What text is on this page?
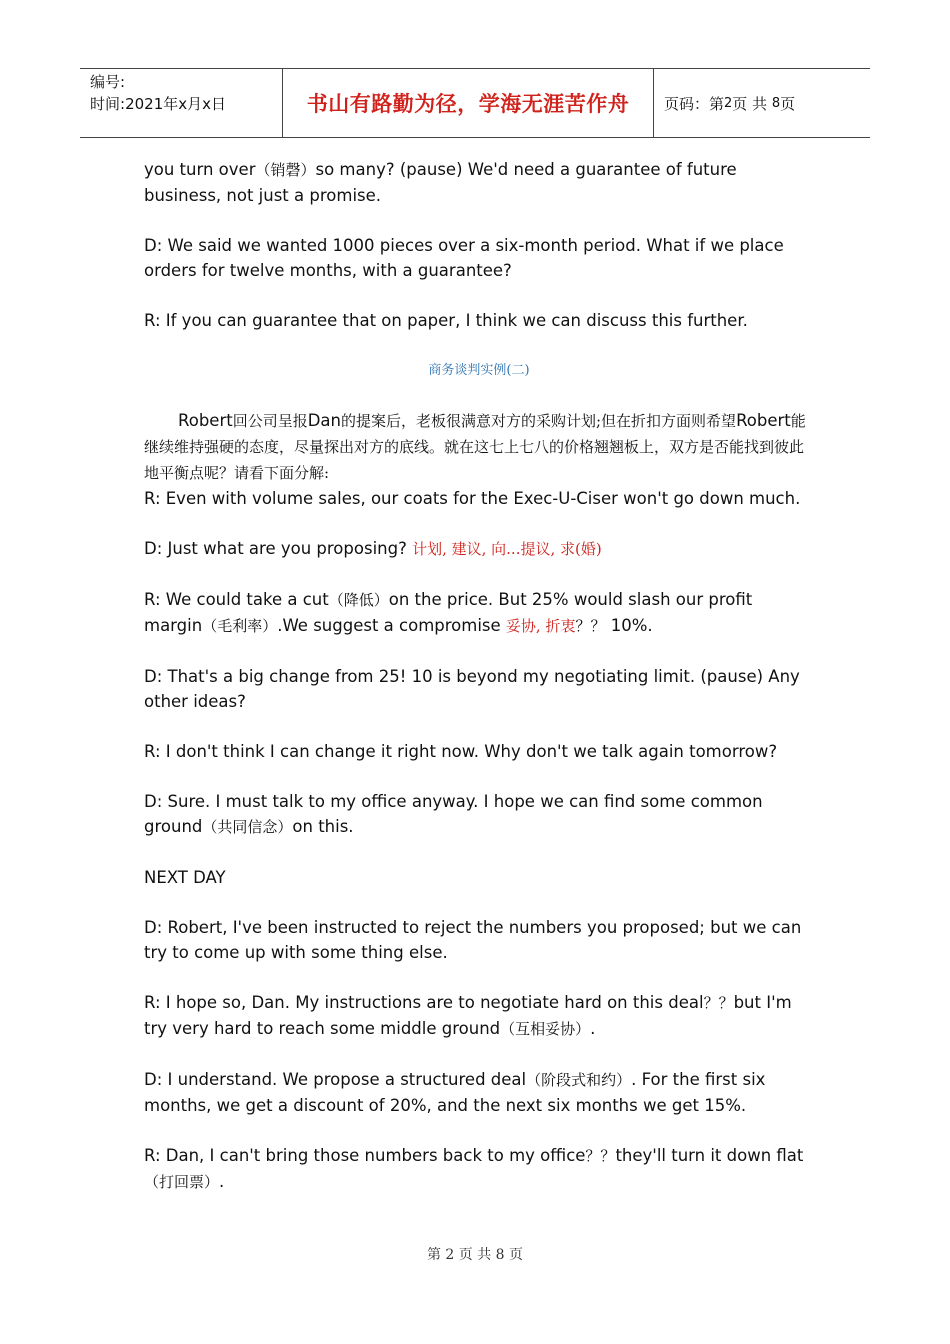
编号:
时间:2021年x月x日	书山有路勤为径，学海无涯苦作舟 页码：第 2 页 共
8 页

you turn over（销磬）so many? (pause) We'd need a guarantee of future business, not just a promise.

D: We said we wanted 1000 pieces over a six-month period. What if we place orders for twelve months, with a guarantee?

R: If you can guarantee that on paper, I think we can discuss this further.

商务谈判实例(二)

Robert回公司呈报Dan的提案后，老板很满意对方的采购计划;但在折扣方面则希望Robert能继续维持强硬的态度，尽量探出对方的底线。就在这七上七八的价格翘翘板上，双方是否能找到彼此地平衡点呢？请看下面分解:

R: Even with volume sales, our coats for the Exec-U-Ciser won't go down much.

D: Just what are you proposing? 计划, 建议, 向...提议, 求(婚)

R: We could take a cut（降低）on the price. But 25% would slash our profit margin（毛利率）.We suggest a compromise 妥协, 折衷？？ 10%.

D: That's a big change from 25! 10 is beyond my negotiating limit. (pause) Any other ideas?

R: I don't think I can change it right now. Why don't we talk again tomorrow?

D: Sure. I must talk to my office anyway. I hope we can find some common ground（共同信念）on this.

NEXT DAY

D: Robert, I've been instructed to reject the numbers you proposed; but we can try to come up with some thing else.

R: I hope so, Dan. My instructions are to negotiate hard on this deal？？but I'm try very hard to reach some middle ground（互相妥协）.

D: I understand. We propose a structured deal（阶段式和约）. For the first six months, we get a discount of 20%, and the next six months we get 15%.

R: Dan, I can't bring those numbers back to my office？？they'll turn it down flat（打回票）.

第 2 页 共 8 页
